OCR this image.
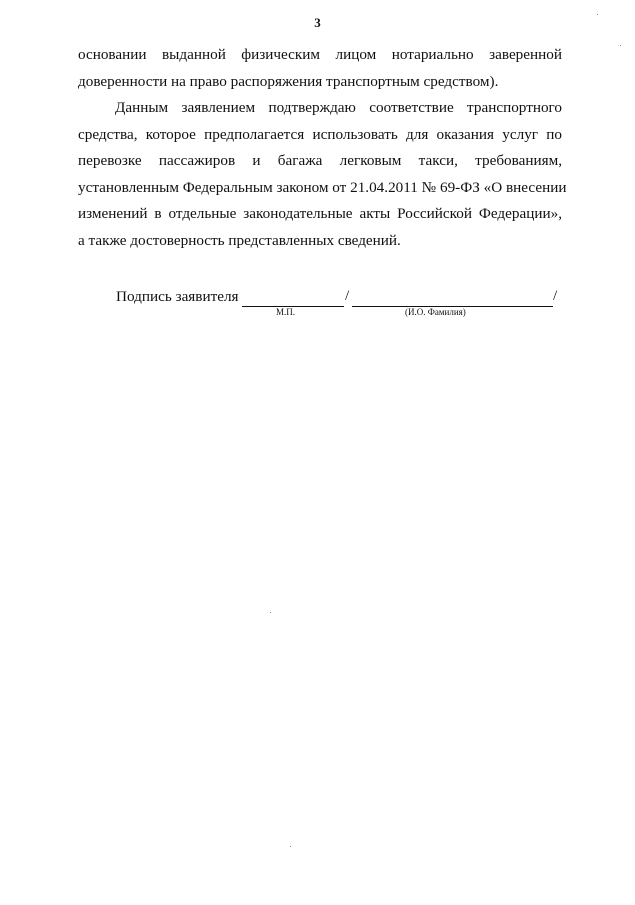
3
основании выданной физическим лицом нотариально заверенной
доверенности на право распоряжения транспортным средством).
Данным заявлением подтверждаю соответствие транспортного
средства, которое предполагается использовать для оказания услуг по
перевозке пассажиров и багажа легковым такси, требованиям,
установленным Федеральным законом от 21.04.2011 № 69-ФЗ «О внесении
изменений в отдельные законодательные акты Российской Федерации»,
а также достоверность представленных сведений.
Подпись заявителя	/	/
М.П.	(И.О. Фамилия)
